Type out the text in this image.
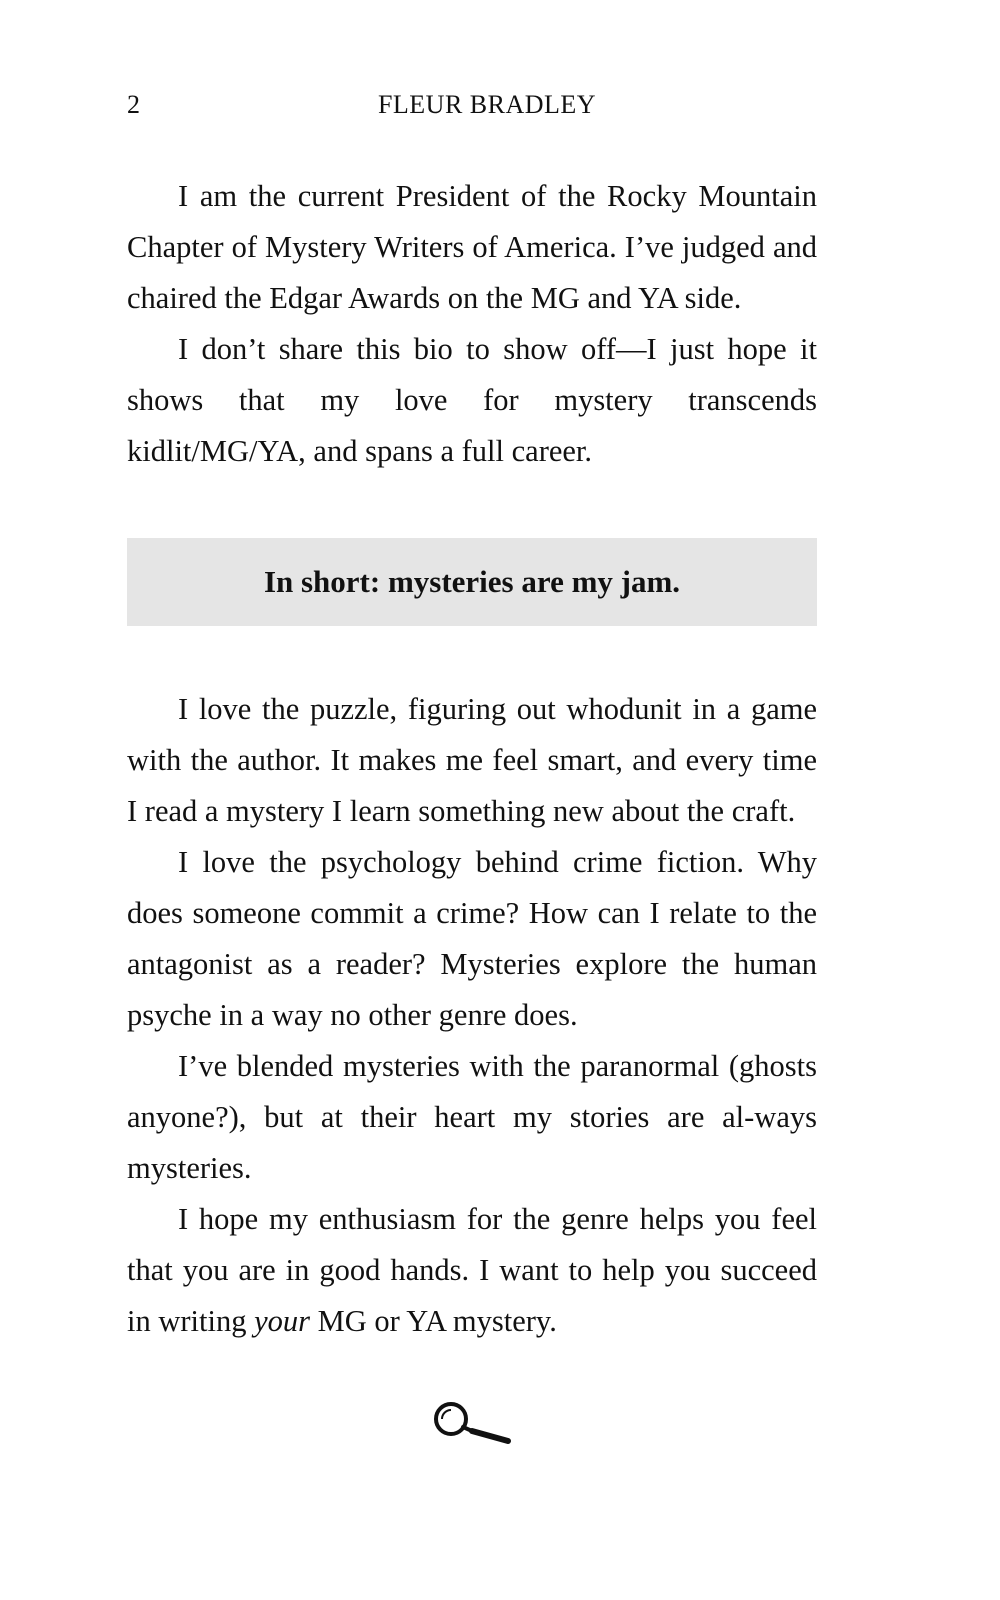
2	FLEUR BRADLEY

I am the current President of the Rocky Mountain Chapter of Mystery Writers of America. I’ve judged and chaired the Edgar Awards on the MG and YA side.

I don’t share this bio to show off—I just hope it shows that my love for mystery transcends kidlit/MG/YA, and spans a full career.

In short: mysteries are my jam.

I love the puzzle, figuring out whodunit in a game with the author. It makes me feel smart, and every time I read a mystery I learn something new about the craft.

I love the psychology behind crime fiction. Why does someone commit a crime? How can I relate to the antagonist as a reader? Mysteries explore the human psyche in a way no other genre does.

I’ve blended mysteries with the paranormal (ghosts anyone?), but at their heart my stories are al-ways mysteries.

I hope my enthusiasm for the genre helps you feel that you are in good hands. I want to help you succeed in writing your MG or YA mystery.
